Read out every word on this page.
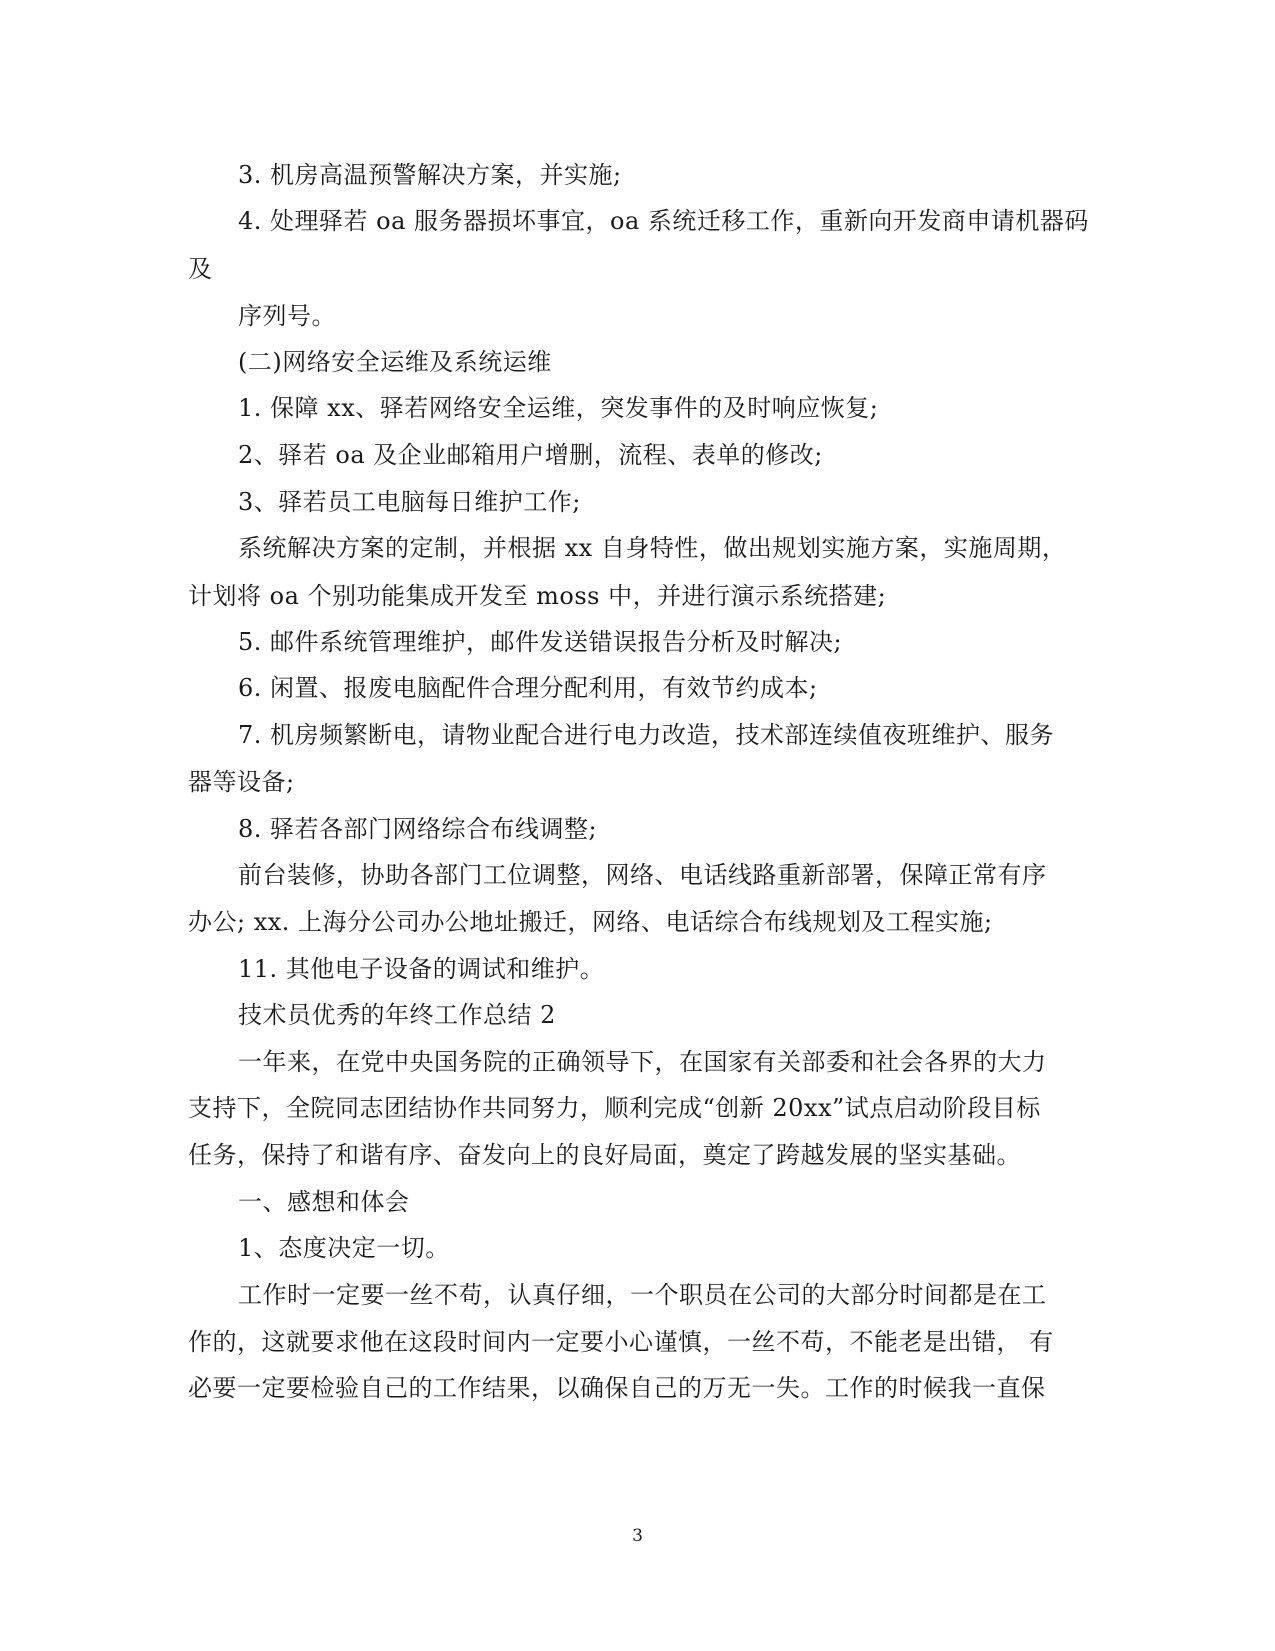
3. 机房高温预警解决方案，并实施;
4. 处理驿若 oa 服务器损坏事宜，oa 系统迁移工作，重新向开发商申请机器码
及
序列号。
(二)网络安全运维及系统运维
1. 保障 xx、驿若网络安全运维，突发事件的及时响应恢复;
2、驿若 oa 及企业邮箱用户增删，流程、表单的修改;
3、驿若员工电脑每日维护工作;
系统解决方案的定制，并根据 xx 自身特性，做出规划实施方案，实施周期，
计划将 oa 个别功能集成开发至 moss 中，并进行演示系统搭建;
5. 邮件系统管理维护，邮件发送错误报告分析及时解决;
6. 闲置、报废电脑配件合理分配利用，有效节约成本;
7. 机房频繁断电，请物业配合进行电力改造，技术部连续值夜班维护、服务
器等设备;
8. 驿若各部门网络综合布线调整;
前台装修，协助各部门工位调整，网络、电话线路重新部署，保障正常有序
办公; xx. 上海分公司办公地址搬迁，网络、电话综合布线规划及工程实施;
11. 其他电子设备的调试和维护。
技术员优秀的年终工作总结 2
一年来，在党中央国务院的正确领导下，在国家有关部委和社会各界的大力
支持下，全院同志团结协作共同努力，顺利完成“创新 20xx”试点启动阶段目标
任务，保持了和谐有序、奋发向上的良好局面，奠定了跨越发展的坚实基础。
一、感想和体会
1、态度决定一切。
工作时一定要一丝不苟，认真仔细，一个职员在公司的大部分时间都是在工
作的，这就要求他在这段时间内一定要小心谨慎，一丝不苟，不能老是出错， 有
必要一定要检验自己的工作结果，以确保自己的万无一失。工作的时候我一直保
3
